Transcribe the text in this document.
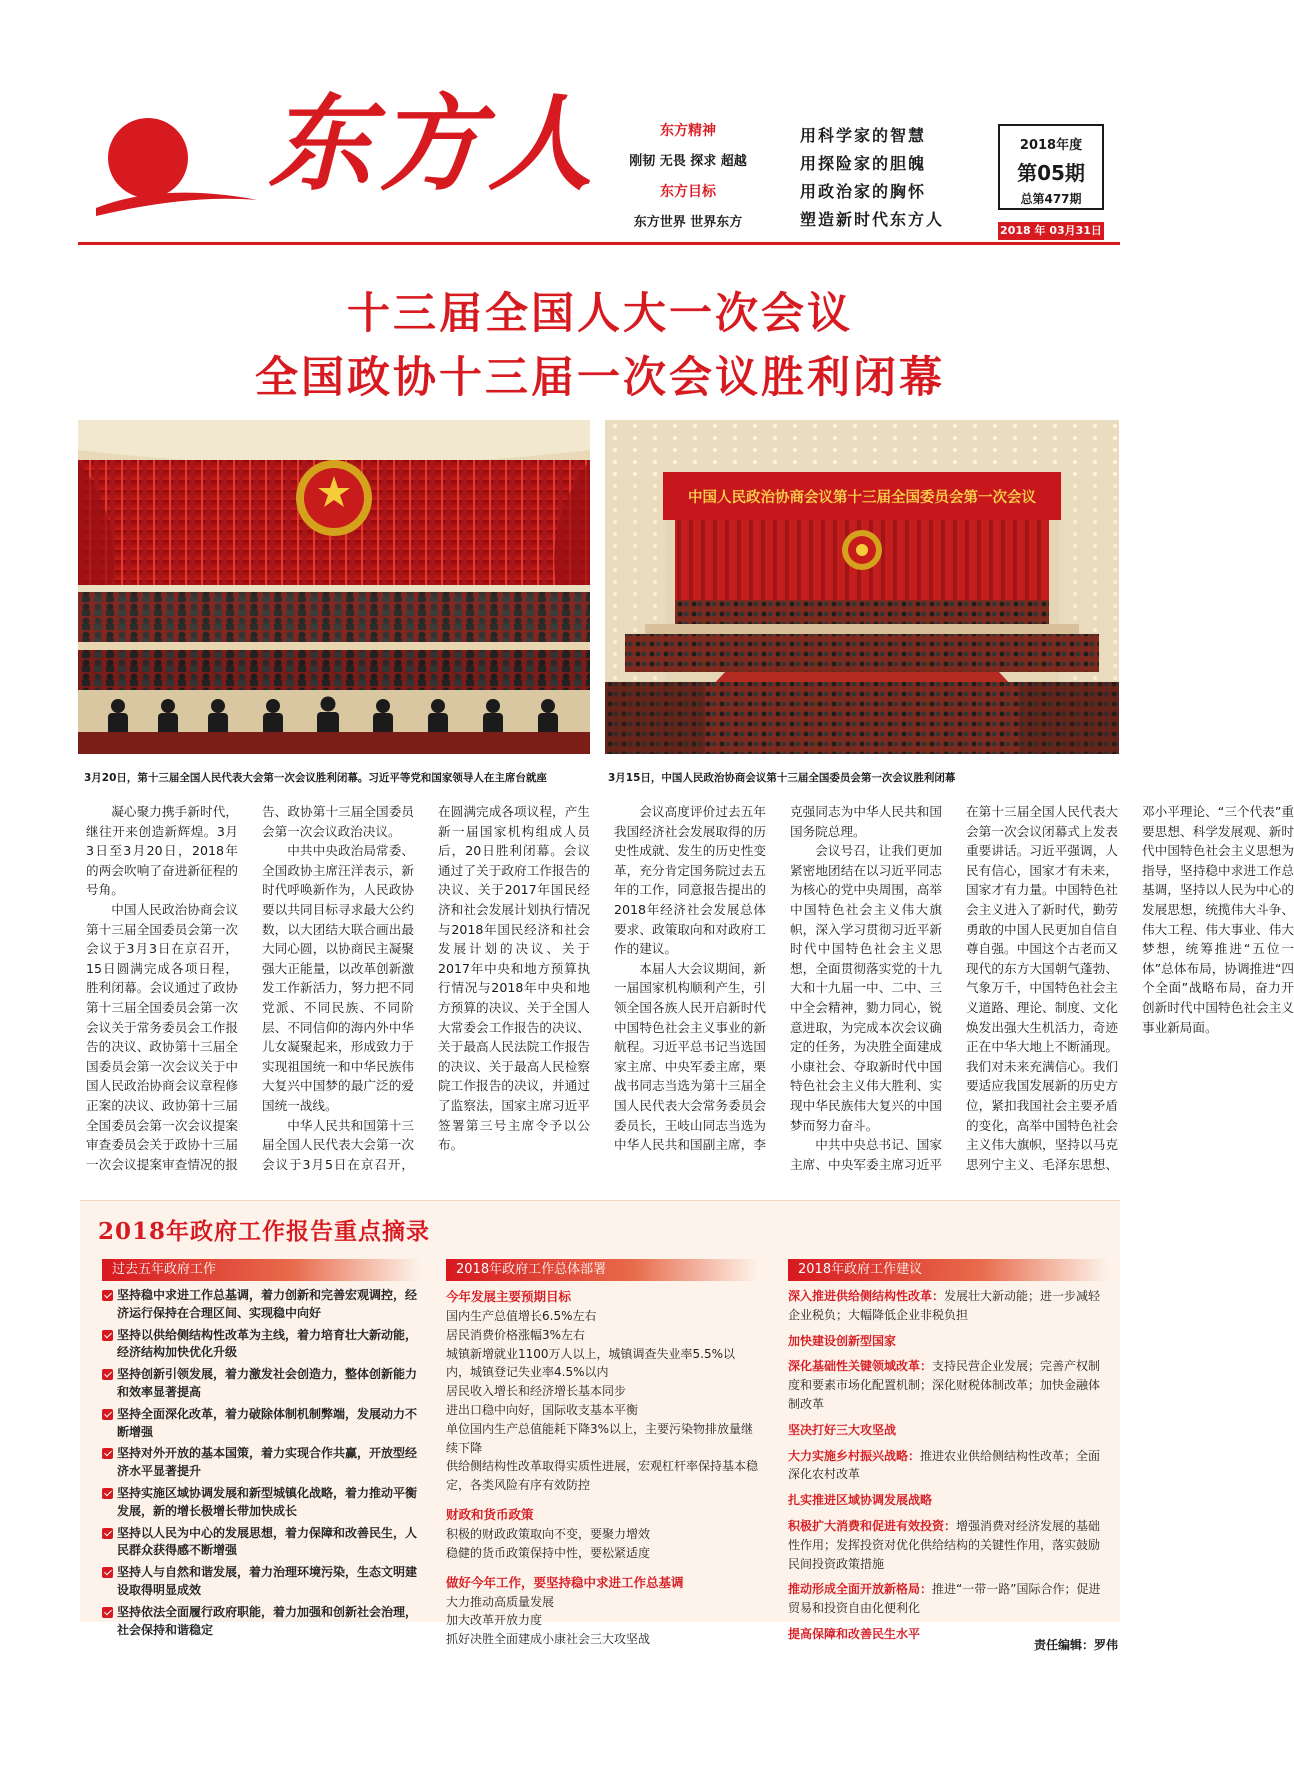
东方人	东方精神
刚韧 无畏 探求 超越
东方目标
东方世界 世界东方
用科学家的智慧
用探险家的胆魄
用政治家的胸怀
塑造新时代东方人
2018年度
第05期
总第477期
2018 年 03月31日
十三届全国人大一次会议
全国政协十三届一次会议胜利闭幕
中国人民政治协商会议第十三届全国委员会第一次会议
3月20日，第十三届全国人民代表大会第一次会议胜利闭幕。习近平等党和国家领导人在主席台就座	3月15日，中国人民政治协商会议第十三届全国委员会第一次会议胜利闭幕

凝心聚力携手新时代，继往开来创造新辉煌。3月3日至3月20日，2018年的两会吹响了奋进新征程的号角。

中国人民政治协商会议第十三届全国委员会第一次会议于3月3日在京召开，15日圆满完成各项日程，胜利闭幕。会议通过了政协第十三届全国委员会第一次会议关于常务委员会工作报告的决议、政协第十三届全国委员会第一次会议关于中国人民政治协商会议章程修正案的决议、政协第十三届全国委员会第一次会议提案审查委员会关于政协十三届一次会议提案审查情况的报告、政协第十三届全国委员会第一次会议政治决议。

中共中央政治局常委、全国政协主席汪洋表示，新时代呼唤新作为，人民政协要以共同目标寻求最大公约数，以大团结大联合画出最大同心圆，以协商民主凝聚强大正能量，以改革创新激发工作新活力，努力把不同党派、不同民族、不同阶层、不同信仰的海内外中华儿女凝聚起来，形成致力于实现祖国统一和中华民族伟大复兴中国梦的最广泛的爱国统一战线。

中华人民共和国第十三届全国人民代表大会第一次会议于3月5日在京召开，在圆满完成各项议程，产生新一届国家机构组成人员后，20日胜利闭幕。会议通过了关于政府工作报告的决议、关于2017年国民经济和社会发展计划执行情况与2018年国民经济和社会发展计划的决议、关于2017年中央和地方预算执行情况与2018年中央和地方预算的决议、关于全国人大常委会工作报告的决议、关于最高人民法院工作报告的决议、关于最高人民检察院工作报告的决议，并通过了监察法，国家主席习近平签署第三号主席令予以公布。

会议高度评价过去五年我国经济社会发展取得的历史性成就、发生的历史性变革，充分肯定国务院过去五年的工作，同意报告提出的2018年经济社会发展总体要求、政策取向和对政府工作的建议。

本届人大会议期间，新一届国家机构顺利产生，引领全国各族人民开启新时代中国特色社会主义事业的新航程。习近平总书记当选国家主席、中央军委主席，栗战书同志当选为第十三届全国人民代表大会常务委员会委员长，王岐山同志当选为中华人民共和国副主席，李克强同志为中华人民共和国国务院总理。

会议号召，让我们更加紧密地团结在以习近平同志为核心的党中央周围，高举中国特色社会主义伟大旗帜，深入学习贯彻习近平新时代中国特色社会主义思想，全面贯彻落实党的十九大和十九届一中、二中、三中全会精神，勠力同心，锐意进取，为完成本次会议确定的任务，为决胜全面建成小康社会、夺取新时代中国特色社会主义伟大胜利、实现中华民族伟大复兴的中国梦而努力奋斗。

中共中央总书记、国家主席、中央军委主席习近平在第十三届全国人民代表大会第一次会议闭幕式上发表重要讲话。习近平强调，人民有信心，国家才有未来，国家才有力量。中国特色社会主义进入了新时代，勤劳勇敢的中国人民更加自信自尊自强。中国这个古老而又现代的东方大国朝气蓬勃、气象万千，中国特色社会主义道路、理论、制度、文化焕发出强大生机活力，奇迹正在中华大地上不断涌现。我们对未来充满信心。我们要适应我国发展新的历史方位，紧扣我国社会主要矛盾的变化，高举中国特色社会主义伟大旗帜，坚持以马克思列宁主义、毛泽东思想、邓小平理论、“三个代表”重要思想、科学发展观、新时代中国特色社会主义思想为指导，坚持稳中求进工作总基调，坚持以人民为中心的发展思想，统揽伟大斗争、伟大工程、伟大事业、伟大梦想，统筹推进“五位一体”总体布局，协调推进“四个全面”战略布局，奋力开创新时代中国特色社会主义事业新局面。

2018年政府工作报告重点摘录
过去五年政府工作
坚持稳中求进工作总基调，着力创新和完善宏观调控，经济运行保持在合理区间、实现稳中向好
坚持以供给侧结构性改革为主线，着力培育壮大新动能，经济结构加快优化升级
坚持创新引领发展，着力激发社会创造力，整体创新能力和效率显著提高
坚持全面深化改革，着力破除体制机制弊端，发展动力不断增强
坚持对外开放的基本国策，着力实现合作共赢，开放型经济水平显著提升
坚持实施区域协调发展和新型城镇化战略，着力推动平衡发展，新的增长极增长带加快成长
坚持以人民为中心的发展思想，着力保障和改善民生，人民群众获得感不断增强
坚持人与自然和谐发展，着力治理环境污染，生态文明建设取得明显成效
坚持依法全面履行政府职能，着力加强和创新社会治理，社会保持和谐稳定
2018年政府工作总体部署
今年发展主要预期目标
国内生产总值增长6.5%左右
居民消费价格涨幅3%左右
城镇新增就业1100万人以上，城镇调查失业率5.5%以内，城镇登记失业率4.5%以内
居民收入增长和经济增长基本同步
进出口稳中向好，国际收支基本平衡
单位国内生产总值能耗下降3%以上，主要污染物排放量继续下降
供给侧结构性改革取得实质性进展，宏观杠杆率保持基本稳定，各类风险有序有效防控
财政和货币政策
积极的财政政策取向不变，要聚力增效
稳健的货币政策保持中性，要松紧适度
做好今年工作，要坚持稳中求进工作总基调
大力推动高质量发展
加大改革开放力度
抓好决胜全面建成小康社会三大攻坚战
2018年政府工作建议
深入推进供给侧结构性改革：发展壮大新动能；进一步减轻企业税负；大幅降低企业非税负担
加快建设创新型国家
深化基础性关键领域改革：支持民营企业发展；完善产权制度和要素市场化配置机制；深化财税体制改革；加快金融体制改革
坚决打好三大攻坚战
大力实施乡村振兴战略：推进农业供给侧结构性改革；全面深化农村改革
扎实推进区域协调发展战略
积极扩大消费和促进有效投资：增强消费对经济发展的基础性作用；发挥投资对优化供给结构的关键性作用，落实鼓励民间投资政策措施
推动形成全面开放新格局：推进“一带一路”国际合作；促进贸易和投资自由化便利化
提高保障和改善民生水平
责任编辑：罗伟
